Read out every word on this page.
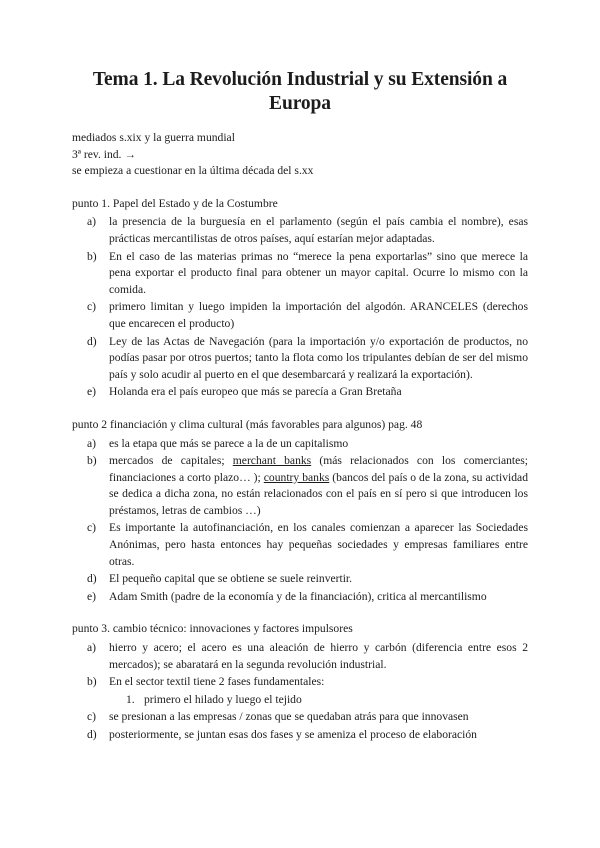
Tema 1. La Revolución Industrial y su Extensión a Europa
mediados s.xix y la guerra mundial
3ª rev. ind. →
se empieza a cuestionar en la última década del s.xx
punto 1. Papel del Estado y de la Costumbre
a) la presencia de la burguesía en el parlamento (según el país cambia el nombre), esas prácticas mercantilistas de otros países, aquí estarían mejor adaptadas.
b) En el caso de las materias primas no “merece la pena exportarlas” sino que merece la pena exportar el producto final para obtener un mayor capital. Ocurre lo mismo con la comida.
c) primero limitan y luego impiden la importación del algodón. ARANCELES (derechos que encarecen el producto)
d) Ley de las Actas de Navegación (para la importación y/o exportación de productos, no podías pasar por otros puertos; tanto la flota como los tripulantes debían de ser del mismo país y solo acudir al puerto en el que desembarcará y realizará la exportación).
e) Holanda era el país europeo que más se parecía a Gran Bretaña
punto 2 financiación y clima cultural (más favorables para algunos) pag. 48
a) es la etapa que más se parece a la de un capitalismo
b) mercados de capitales; merchant banks (más relacionados con los comerciantes; financiaciones a corto plazo… ); country banks (bancos del país o de la zona, su actividad se dedica a dicha zona, no están relacionados con el país en sí pero si que introducen los préstamos, letras de cambios …)
c) Es importante la autofinanciación, en los canales comienzan a aparecer las Sociedades Anónimas, pero hasta entonces hay pequeñas sociedades y empresas familiares entre otras.
d) El pequeño capital que se obtiene se suele reinvertir.
e) Adam Smith (padre de la economía y de la financiación), critica al mercantilismo
punto 3. cambio técnico: innovaciones y factores impulsores
a) hierro y acero; el acero es una aleación de hierro y carbón (diferencia entre esos 2 mercados); se abaratará en la segunda revolución industrial.
b) En el sector textil tiene 2 fases fundamentales:
1. primero el hilado y luego el tejido
c) se presionan a las empresas / zonas que se quedaban atrás para que innovasen
d) posteriormente, se juntan esas dos fases y se ameniza el proceso de elaboración
